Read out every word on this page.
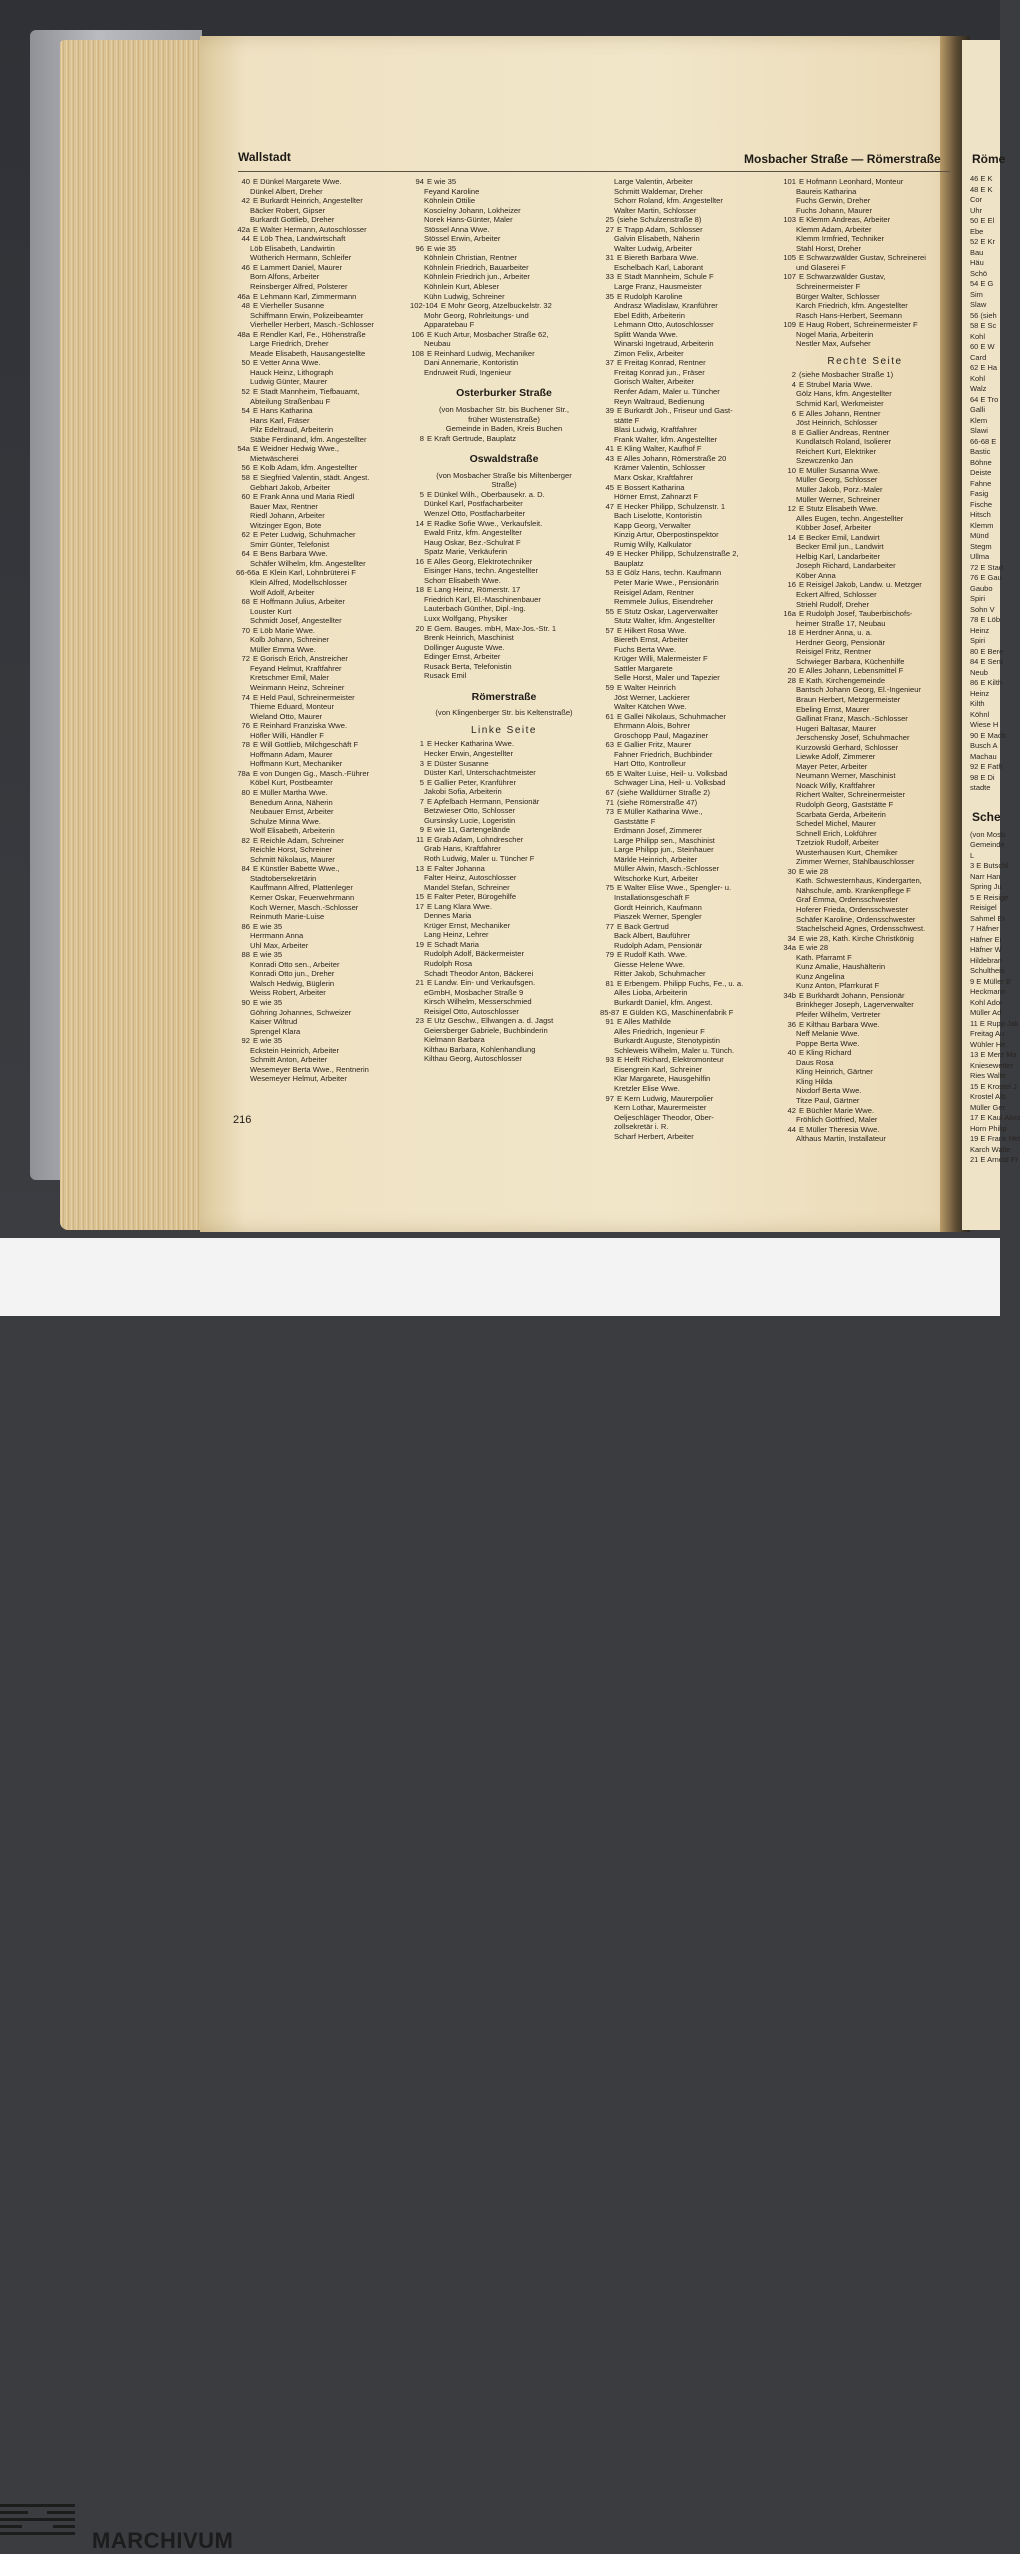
Röme
46 E K
48 E K
Cor
Uhr
50 E El
Ebe
52 E Kr
Bau
Häu
Schö
54 E G
Sim
Slaw
56 (sieh
58 E Sc
Kohl
60 E W
Card
62 E Ha
Kohl
Walz
64 E Tro
Galli
Klem
Slawi
66-68 E
Bastic
Böhne
Deiste
Fahne
Fasig
Fische
Hitsch
Klemm
Münd
Stegm
Ullma
72 E Stad
76 E Gau
Gaubo
Spiri
Sohn V
78 E Löb
Heinz
Spiri
80 E Bere
84 E Sent
Neub
86 E Kilth
Heinz
Kilth
Köhnl
Wiese H
90 E Mach
Busch A
Machau
92 E Fath
98 E Di
stadte
Sche
(von Mosb
Gemeinde
L
3 E Butschl
Narr Han
Spring Ju
5 E Reisige
Reisigel
Sahmel Er
7 Häfner
Häfner Er
Häfner W
Hildebran
Schultheis
9 E Müller E
Heckmann
Kohl Ador
Müller Ad
11 E Rupp Jak
Freitag Au
Wühler He
13 E Merz Ma
Kniesewetter
Ries Walte
15 E Krostel J
Krostel Alb
Müller Ger
17 E Kaul Alois
Horn Philip
19 E Frank Hel
Karch Walte
21 E Arnold Fr
Wallstadt	Mosbacher Straße — Römerstraße
40 E Dünkel Margarete Wwe.
Dünkel Albert, Dreher
42 E Burkardt Heinrich, Angestellter
Bäcker Robert, Gipser
Burkardt Gottlieb, Dreher
42a E Walter Hermann, Autoschlosser
44 E Löb Thea, Landwirtschaft
Löb Elisabeth, Landwirtin
Wütherich Hermann, Schleifer
46 E Lammert Daniel, Maurer
Born Alfons, Arbeiter
Reinsberger Alfred, Polsterer
46a E Lehmann Karl, Zimmermann
48 E Vierheller Susanne
Schiffmann Erwin, Polizeibeamter
Vierheller Herbert, Masch.-Schlosser
48a E Rendler Karl, Fe., Höhenstraße
Large Friedrich, Dreher
Meade Elisabeth, Hausangestellte
50 E Vetter Anna Wwe.
Hauck Heinz, Lithograph
Ludwig Günter, Maurer
52 E Stadt Mannheim, Tiefbauamt,
Abteilung Straßenbau F
54 E Hans Katharina
Hans Karl, Fräser
Pilz Edeltraud, Arbeiterin
Stäbe Ferdinand, kfm. Angestellter
54a E Weidner Hedwig Wwe.,
Mietwäscherei
56 E Kolb Adam, kfm. Angestellter
58 E Siegfried Valentin, städt. Angest.
Gebhart Jakob, Arbeiter
60 E Frank Anna und Maria Riedl
Bauer Max, Rentner
Riedl Johann, Arbeiter
Witzinger Egon, Bote
62 E Peter Ludwig, Schuhmacher
Smirr Günter, Telefonist
64 E Bens Barbara Wwe.
Schäfer Wilhelm, kfm. Angestellter
66-66a E Klein Karl, Lohnbrüterei F
Klein Alfred, Modellschlosser
Wolf Adolf, Arbeiter
68 E Hoffmann Julius, Arbeiter
Louster Kurt
Schmidt Josef, Angestellter
70 E Löb Marie Wwe.
Kolb Johann, Schreiner
Müller Emma Wwe.
72 E Gorisch Erich, Anstreicher
Feyand Helmut, Kraftfahrer
Kretschmer Emil, Maler
Weinmann Heinz, Schreiner
74 E Held Paul, Schreinermeister
Thieme Eduard, Monteur
Wieland Otto, Maurer
76 E Reinhard Franziska Wwe.
Höfler Willi, Händler F
78 E Will Gottlieb, Milchgeschäft F
Hoffmann Adam, Maurer
Hoffmann Kurt, Mechaniker
78a E von Dungen Gg., Masch.-Führer
Köbel Kurt, Postbeamter
80 E Müller Martha Wwe.
Benedum Anna, Näherin
Neubauer Ernst, Arbeiter
Schulze Minna Wwe.
Wolf Elisabeth, Arbeiterin
82 E Reichle Adam, Schreiner
Reichle Horst, Schreiner
Schmitt Nikolaus, Maurer
84 E Künstler Babette Wwe.,
Stadtobersekretärin
Kauffmann Alfred, Plattenleger
Kerner Oskar, Feuerwehrmann
Koch Werner, Masch.-Schlosser
Reinmuth Marie-Luise
86 E wie 35
Herrmann Anna
Uhl Max, Arbeiter
88 E wie 35
Konradi Otto sen., Arbeiter
Konradi Otto jun., Dreher
Walsch Hedwig, Büglerin
Weiss Robert, Arbeiter
90 E wie 35
Göhring Johannes, Schweizer
Kaiser Wiltrud
Sprengel Klara
92 E wie 35
Eckstein Heinrich, Arbeiter
Schmitt Anton, Arbeiter
Wesemeyer Berta Wwe., Rentnerin
Wesemeyer Helmut, Arbeiter
94 E wie 35
Feyand Karoline
Köhnlein Ottilie
Koscielny Johann, Lokheizer
Norek Hans-Günter, Maler
Stössel Anna Wwe.
Stössel Erwin, Arbeiter
96 E wie 35
Köhnlein Christian, Rentner
Köhnlein Friedrich, Bauarbeiter
Köhnlein Friedrich jun., Arbeiter
Köhnlein Kurt, Ableser
Kühn Ludwig, Schreiner
102-104 E Mohr Georg, Atzelbuckelstr. 32
Mohr Georg, Rohrleitungs- und
Apparatebau F
106 E Kuch Artur, Mosbacher Straße 62,
Neubau
108 E Reinhard Ludwig, Mechaniker
Dani Annemarie, Kontoristin
Endruweit Rudi, Ingenieur
Osterburker Straße
(von Mosbacher Str. bis Buchener Str.,
früher Wüstenstraße)
Gemeinde in Baden, Kreis Buchen
8 E Kraft Gertrude, Bauplatz
Oswaldstraße
(von Mosbacher Straße bis Miltenberger
Straße)
5 E Dünkel Wilh., Oberbausekr. a. D.
Dünkel Karl, Postfacharbeiter
Wenzel Otto, Postfacharbeiter
14 E Radke Sofie Wwe., Verkaufsleit.
Ewald Fritz, kfm. Angestellter
Haug Oskar, Bez.-Schulrat F
Spatz Marie, Verkäuferin
16 E Alles Georg, Elektrotechniker
Eisinger Hans, techn. Angestellter
Schorr Elisabeth Wwe.
18 E Lang Heinz, Römerstr. 17
Friedrich Karl, El.-Maschinenbauer
Lauterbach Günther, Dipl.-Ing.
Luxx Wolfgang, Physiker
20 E Gem. Bauges. mbH, Max-Jos.-Str. 1
Brenk Heinrich, Maschinist
Dollinger Auguste Wwe.
Edinger Ernst, Arbeiter
Rusack Berta, Telefonistin
Rusack Emil
Römerstraße
(von Klingenberger Str. bis Keltenstraße)
Linke Seite
1 E Hecker Katharina Wwe.
Hecker Erwin, Angestellter
3 E Düster Susanne
Düster Karl, Unterschachtmeister
5 E Gallier Peter, Kranführer
Jakobi Sofia, Arbeiterin
7 E Apfelbach Hermann, Pensionär
Betzwieser Otto, Schlosser
Gursinsky Lucie, Logeristin
9 E wie 11, Gartengelände
11 E Grab Adam, Lohndrescher
Grab Hans, Kraftfahrer
Roth Ludwig, Maler u. Tüncher F
13 E Falter Johanna
Falter Heinz, Autoschlosser
Mandel Stefan, Schreiner
15 E Falter Peter, Bürogehilfe
17 E Lang Klara Wwe.
Dennes Maria
Krüger Ernst, Mechaniker
Lang Heinz, Lehrer
19 E Schadt Maria
Rudolph Adolf, Bäckermeister
Rudolph Rosa
Schadt Theodor Anton, Bäckerei
21 E Landw. Ein- und Verkaufsgen.
eGmbH, Mosbacher Straße 9
Kirsch Wilhelm, Messerschmied
Reisigel Otto, Autoschlosser
23 E Utz Geschw., Ellwangen a. d. Jagst
Geiersberger Gabriele, Buchbinderin
Kielmann Barbara
Kilthau Barbara, Kohlenhandlung
Kilthau Georg, Autoschlosser
Large Valentin, Arbeiter
Schmitt Waldemar, Dreher
Schorr Roland, kfm. Angestellter
Walter Martin, Schlosser
25 (siehe Schulzenstraße 8)
27 E Trapp Adam, Schlosser
Galvin Elisabeth, Näherin
Walter Ludwig, Arbeiter
31 E Biereth Barbara Wwe.
Eschelbach Karl, Laborant
33 E Stadt Mannheim, Schule F
Large Franz, Hausmeister
35 E Rudolph Karoline
Andrasz Wladislaw, Kranführer
Ebel Edith, Arbeiterin
Lehmann Otto, Autoschlosser
Splitt Wanda Wwe.
Winarski Ingetraud, Arbeiterin
Zimon Felix, Arbeiter
37 E Freitag Konrad, Rentner
Freitag Konrad jun., Fräser
Gorisch Walter, Arbeiter
Renfer Adam, Maler u. Tüncher
Reyn Waltraud, Bedienung
39 E Burkardt Joh., Friseur und Gast-
stätte F
Blasi Ludwig, Kraftfahrer
Frank Walter, kfm. Angestellter
41 E Kling Walter, Kaufhof F
43 E Alles Johann, Römerstraße 20
Krämer Valentin, Schlosser
Marx Oskar, Kraftfahrer
45 E Bossert Katharina
Hörner Ernst, Zahnarzt F
47 E Hecker Philipp, Schulzenstr. 1
Bach Liselotte, Kontoristin
Kapp Georg, Verwalter
Kinzig Artur, Oberpostinspektor
Rumig Willy, Kalkulator
49 E Hecker Philipp, Schulzenstraße 2,
Bauplatz
53 E Gölz Hans, techn. Kaufmann
Peter Marie Wwe., Pensionärin
Reisigel Adam, Rentner
Remmele Julius, Eisendreher
55 E Stutz Oskar, Lagerverwalter
Stutz Walter, kfm. Angestellter
57 E Hilkert Rosa Wwe.
Biereth Ernst, Arbeiter
Fuchs Berta Wwe.
Krüger Willi, Malermeister F
Sattler Margarete
Selle Horst, Maler und Tapezier
59 E Walter Heinrich
Jöst Werner, Lackierer
Walter Kätchen Wwe.
61 E Gallei Nikolaus, Schuhmacher
Ehrmann Alois, Bohrer
Groschopp Paul, Magaziner
63 E Gallier Fritz, Maurer
Fahner Friedrich, Buchbinder
Hart Otto, Kontrolleur
65 E Walter Luise, Heil- u. Volksbad
Schwager Lina, Heil- u. Volksbad
67 (siehe Walldürner Straße 2)
71 (siehe Römerstraße 47)
73 E Müller Katharina Wwe.,
Gaststätte F
Erdmann Josef, Zimmerer
Large Philipp sen., Maschinist
Large Philipp jun., Steinhauer
Märkle Heinrich, Arbeiter
Müller Alwin, Masch.-Schlosser
Witschorke Kurt, Arbeiter
75 E Walter Elise Wwe., Spengler- u.
Installationsgeschäft F
Gordt Heinrich, Kaufmann
Piaszek Werner, Spengler
77 E Back Gertrud
Back Albert, Bauführer
Rudolph Adam, Pensionär
79 E Rudolf Kath. Wwe.
Giesse Helene Wwe.
Ritter Jakob, Schuhmacher
81 E Erbengem. Philipp Fuchs, Fe., u. a.
Alles Lioba, Arbeiterin
Burkardt Daniel, kfm. Angest.
85-87 E Gülden KG, Maschinenfabrik F
91 E Alles Mathilde
Alles Friedrich, Ingenieur F
Burkardt Auguste, Stenotypistin
Schleweis Wilhelm, Maler u. Tünch.
93 E Heift Richard, Elektromonteur
Eisengrein Karl, Schreiner
Klar Margarete, Hausgehilfin
Kretzler Elise Wwe.
97 E Kern Ludwig, Maurerpolier
Kern Lothar, Maurermeister
Oeljeschläger Theodor, Ober-
zollsekretär i. R.
Scharf Herbert, Arbeiter
101 E Hofmann Leonhard, Monteur
Baureis Katharina
Fuchs Gerwin, Dreher
Fuchs Johann, Maurer
103 E Klemm Andreas, Arbeiter
Klemm Adam, Arbeiter
Klemm Irmfried, Techniker
Stahl Horst, Dreher
105 E Schwarzwälder Gustav, Schreinerei
und Glaserei F
107 E Schwarzwälder Gustav,
Schreinermeister F
Bürger Walter, Schlosser
Karch Friedrich, kfm. Angestellter
Rasch Hans-Herbert, Seemann
109 E Haug Robert, Schreinermeister F
Nogel Maria, Arbeiterin
Nestler Max, Aufseher
Rechte Seite
2 (siehe Mosbacher Straße 1)
4 E Strubel Maria Wwe.
Gölz Hans, kfm. Angestellter
Schmid Karl, Werkmeister
6 E Alles Johann, Rentner
Jöst Heinrich, Schlosser
8 E Gallier Andreas, Rentner
Kundlatsch Roland, Isolierer
Reichert Kurt, Elektriker
Szewczenko Jan
10 E Müller Susanna Wwe.
Müller Georg, Schlosser
Müller Jakob, Porz.-Maler
Müller Werner, Schreiner
12 E Stutz Elisabeth Wwe.
Alles Eugen, techn. Angestellter
Kübber Josef, Arbeiter
14 E Becker Emil, Landwirt
Becker Emil jun., Landwirt
Helbig Karl, Landarbeiter
Joseph Richard, Landarbeiter
Köber Anna
16 E Reisigel Jakob, Landw. u. Metzger
Eckert Alfred, Schlosser
Striehl Rudolf, Dreher
16a E Rudolph Josef, Tauberbischofs-
heimer Straße 17, Neubau
18 E Herdner Anna, u. a.
Herdner Georg, Pensionär
Reisigel Fritz, Rentner
Schwieger Barbara, Küchenhilfe
20 E Alles Johann, Lebensmittel F
28 E Kath. Kirchengemeinde
Bantsch Johann Georg, El.-Ingenieur
Braun Herbert, Metzgermeister
Ebeling Ernst, Maurer
Gallinat Franz, Masch.-Schlosser
Hugeri Baltasar, Maurer
Jerschensky Josef, Schuhmacher
Kurzowski Gerhard, Schlosser
Liewke Adolf, Zimmerer
Mayer Peter, Arbeiter
Neumann Werner, Maschinist
Noack Willy, Kraftfahrer
Richert Walter, Schreinermeister
Rudolph Georg, Gaststätte F
Scarbata Gerda, Arbeiterin
Schedel Michel, Maurer
Schnell Erich, Lokführer
Tzetziok Rudolf, Arbeiter
Wusterhausen Kurt, Chemiker
Zimmer Werner, Stahlbauschlosser
30 E wie 28
Kath. Schwesternhaus, Kindergarten,
Nähschule, amb. Krankenpflege F
Graf Emma, Ordensschwester
Hoferer Frieda, Ordensschwester
Schäfer Karoline, Ordensschwester
Stachelscheid Agnes, Ordensschwest.
34 E wie 28, Kath. Kirche Christkönig
34a E wie 28
Kath. Pfarramt F
Kunz Amalie, Haushälterin
Kunz Angelina
Kunz Anton, Pfarrkurat F
34b E Burkhardt Johann, Pensionär
Brinkheger Joseph, Lagerverwalter
Pfeifer Wilhelm, Vertreter
36 E Kilthau Barbara Wwe.
Neff Melanie Wwe.
Poppe Berta Wwe.
40 E Kling Richard
Daus Rosa
Kling Heinrich, Gärtner
Kling Hilda
Nixdorf Berta Wwe.
Titze Paul, Gärtner
42 E Büchler Marie Wwe.
Fröhlich Gottfried, Maler
44 E Müller Theresia Wwe.
Althaus Martin, Installateur
216
MARCHIVUM
